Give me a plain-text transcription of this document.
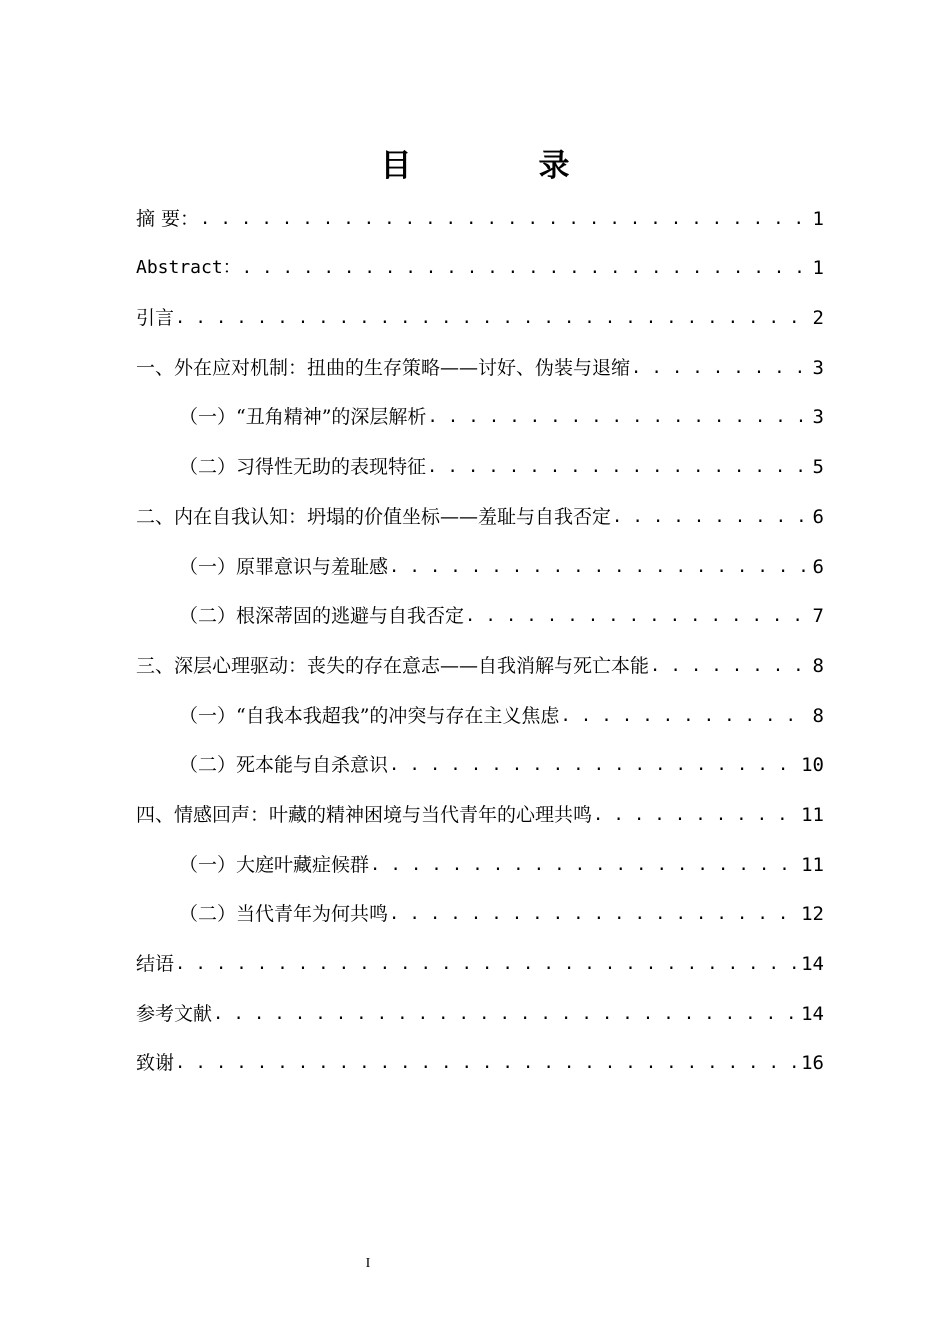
目　录
摘 要： . . .	1
Abstract： . . .	1
引言 . . .	2
一、外在应对机制：扭曲的生存策略——讨好、伪装与退缩 . . .	3
（一）“丑角精神”的深层解析 . . .	3
（二）习得性无助的表现特征 . . .	5
二、内在自我认知：坍塌的价值坐标——羞耻与自我否定 . . .	6
（一）原罪意识与羞耻感 . . .	6
（二）根深蒂固的逃避与自我否定 . . .	7
三、深层心理驱动：丧失的存在意志——自我消解与死亡本能 . . .	8
（一）“自我本我超我”的冲突与存在主义焦虑 . . .	8
（二）死本能与自杀意识 . . .	10
四、情感回声：叶藏的精神困境与当代青年的心理共鸣 . . .	11
（一）大庭叶藏症候群 . . .	11
（二）当代青年为何共鸣 . . .	12
结语 . . .	14
参考文献 . . .	14
致谢 . . .	16
I
